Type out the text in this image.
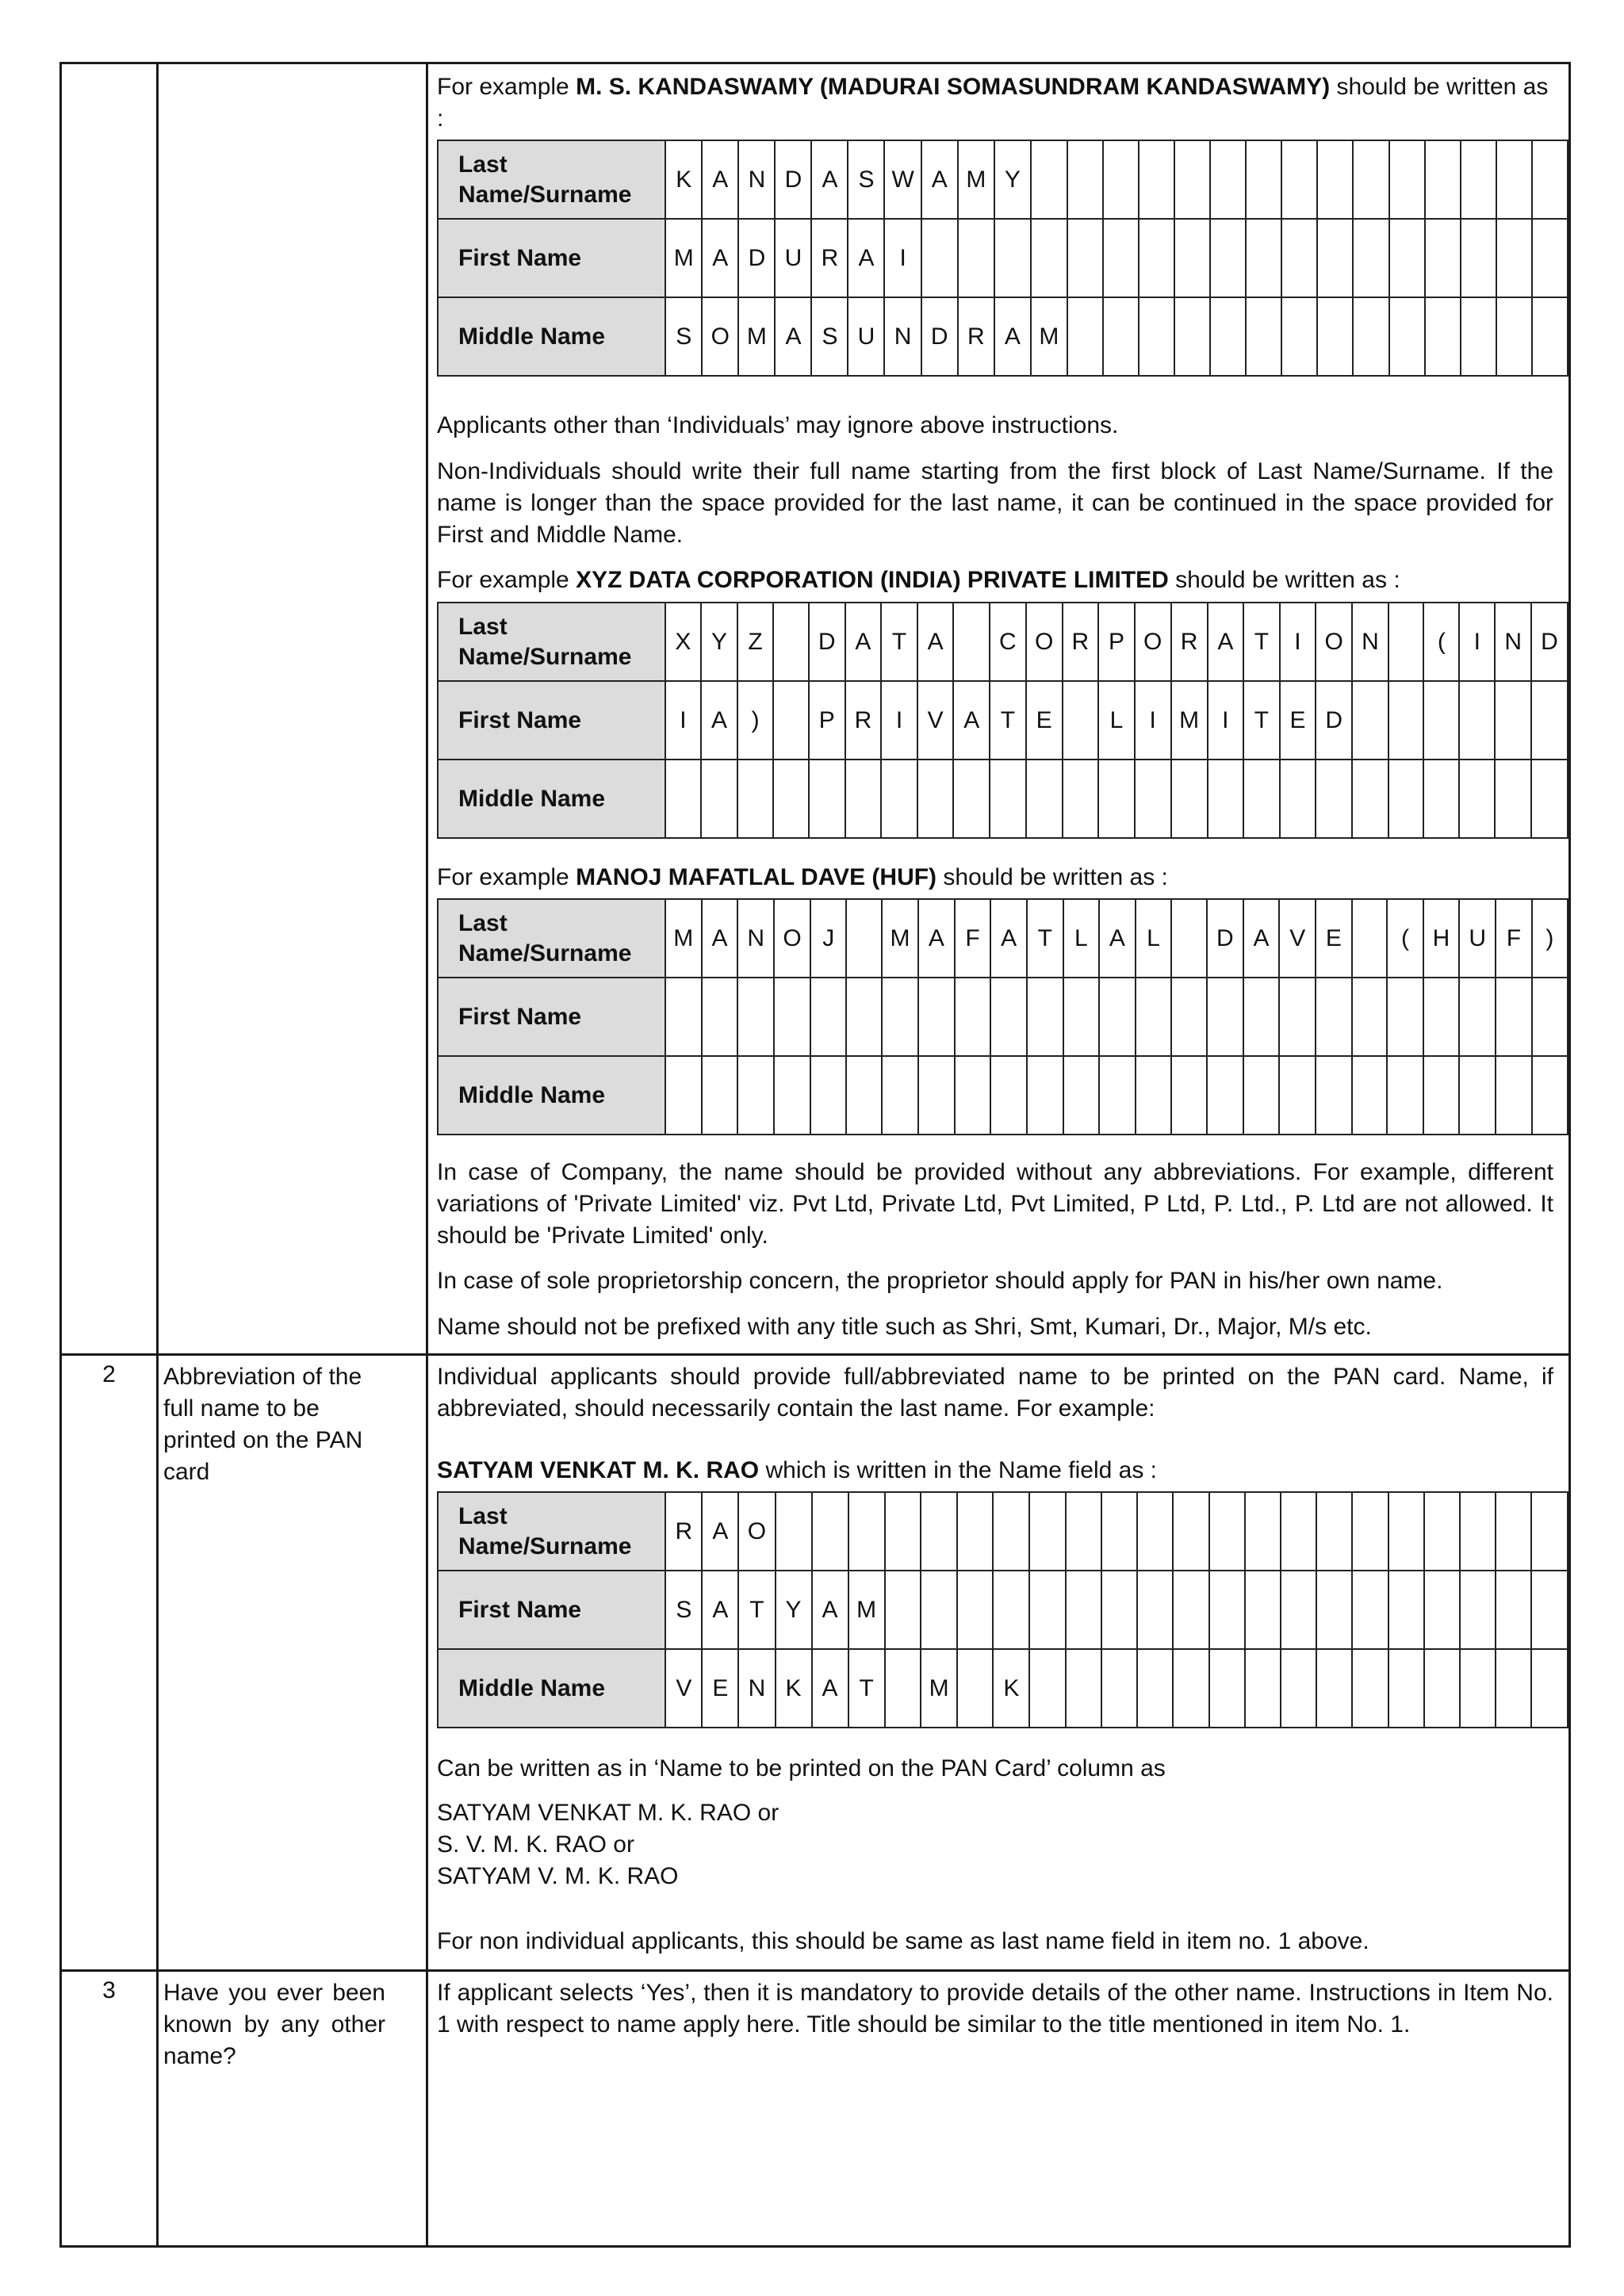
For example M. S. KANDASWAMY (MADURAI SOMASUNDRAM KANDASWAMY) should be written as :
Last Name/Surname	K	A	N	D	A	S	W	A	M	Y															
First Name	M	A	D	U	R	A	I																		
Middle Name	S	O	M	A	S	U	N	D	R	A	M														
Applicants other than ‘Individuals’ may ignore above instructions.
Non-Individuals should write their full name starting from the first block of Last Name/Surname. If the name is longer than the space provided for the last name, it can be continued in the space provided for First and Middle Name.
For example XYZ DATA CORPORATION (INDIA) PRIVATE LIMITED should be written as :
Last Name/Surname	X	Y	Z		D	A	T	A		C	O	R	P	O	R	A	T	I	O	N		(	I	N	D
First Name	I	A	)		P	R	I	V	A	T	E		L	I	M	I	T	E	D						
Middle Name																									
For example MANOJ MAFATLAL DAVE (HUF) should be written as :
Last Name/Surname	M	A	N	O	J		M	A	F	A	T	L	A	L		D	A	V	E		(	H	U	F	)
First Name																									
Middle Name																									
In case of Company, the name should be provided without any abbreviations. For example, different variations of 'Private Limited' viz. Pvt Ltd, Private Ltd, Pvt Limited, P Ltd, P. Ltd., P. Ltd are not allowed. It should be 'Private Limited' only.
In case of sole proprietorship concern, the proprietor should apply for PAN in his/her own name.
Name should not be prefixed with any title such as Shri, Smt, Kumari, Dr., Major, M/s etc.
2	Abbreviation of the full name to be printed on the PAN card
Individual applicants should provide full/abbreviated name to be printed on the PAN card. Name, if abbreviated, should necessarily contain the last name. For example:
SATYAM VENKAT M. K. RAO which is written in the Name field as :
Last Name/Surname	R	A	O																						
First Name	S	A	T	Y	A	M																			
Middle Name	V	E	N	K	A	T		M		K															
Can be written as in ‘Name to be printed on the PAN Card’ column as
SATYAM VENKAT M. K. RAO or
S. V. M. K. RAO or
SATYAM V. M. K. RAO
For non individual applicants, this should be same as last name field in item no. 1 above.
3	Have you ever been known by any other name?
If applicant selects ‘Yes’, then it is mandatory to provide details of the other name. Instructions in Item No. 1 with respect to name apply here. Title should be similar to the title mentioned in item No. 1.
